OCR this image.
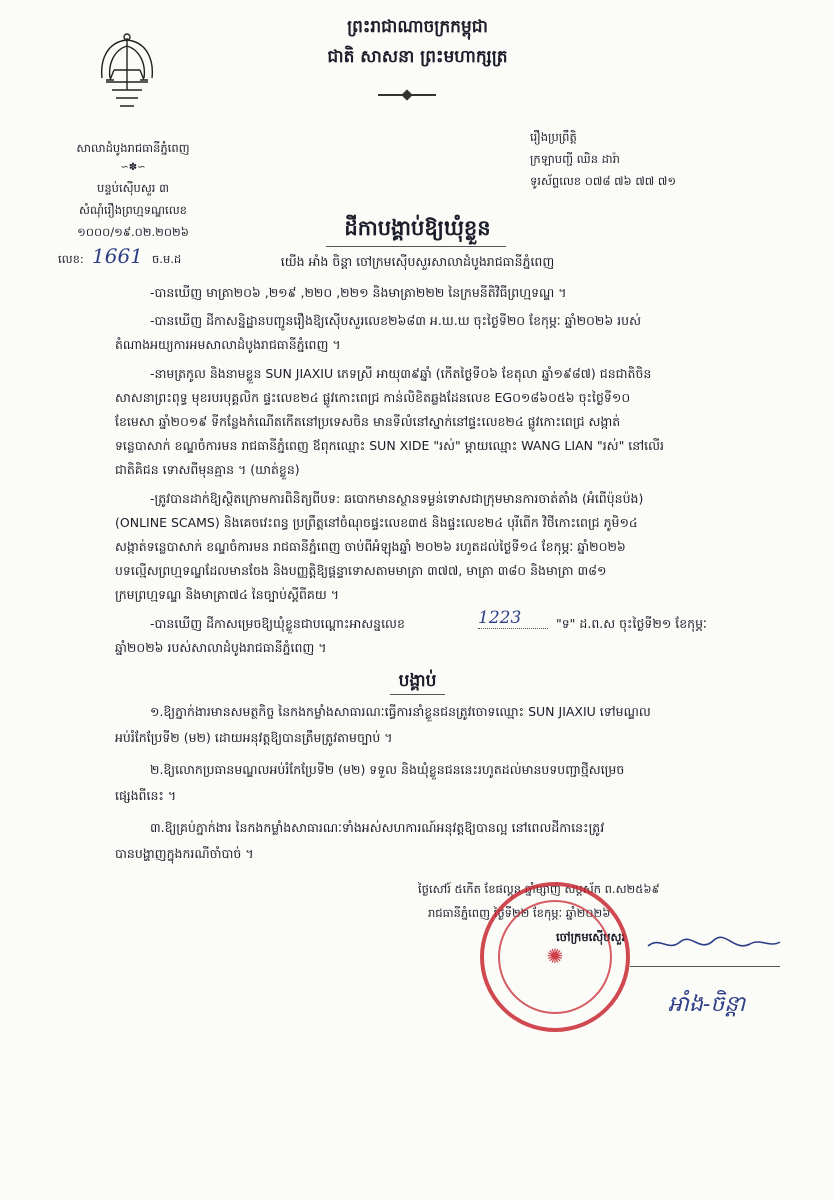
ព្រះរាជាណាចក្រកម្ពុជា
ជាតិ សាសនា ព្រះមហាក្សត្រ
សាលាដំបូងរាជធានីភ្នំពេញ
∽✽∽
បន្ទប់ស៊ើបសួរ ៣
សំណុំរឿងព្រហ្មទណ្ឌលេខ
១០០០/១៩.០២.២០២៦
លេខ: 1661 ច.ម.ដ
រឿងប្រព្រឹត្តិ
ក្រឡាបញ្ជី ឈិន ដារ៉ា
ទូរស័ព្ទលេខ ០៧៨ ៧៦ ៧៧ ៧១
ដីកាបង្គាប់ឱ្យឃុំខ្លួន
យើង អាំង ចិន្តា ចៅក្រមស៊ើបសួរសាលាដំបូងរាជធានីភ្នំពេញ
-បានឃើញ មាត្រា២០៦ ,២១៩ ,២២០ ,២២១ និងមាត្រា២២២ នៃក្រមនីតិវិធីព្រហ្មទណ្ឌ ។
-បានឃើញ ដីកាសន្និដ្ឋានបញ្ជូនរឿងឱ្យស៊ើបសួរលេខ២៦៨៣ អ.ឃ.ឃ ចុះថ្ងៃទី២០ ខែកុម្ភៈ ឆ្នាំ២០២៦ របស់
តំណាងអយ្យការអមសាលាដំបូងរាជធានីភ្នំពេញ ។
-នាមត្រកូល និងនាមខ្លួន SUN JIAXIU ភេទស្រី អាយុ៣៩ឆ្នាំ (កើតថ្ងៃទី០៦ ខែតុលា ឆ្នាំ១៩៨៧) ជនជាតិចិន
សាសនាព្រះពុទ្ធ មុខរបរបុគ្គលិក ផ្ទះលេខ២៤ ផ្លូវកោះពេជ្រ កាន់លិខិតឆ្លងដែនលេខ EG០១៨៦០៥៦ ចុះថ្ងៃទី១០
ខែមេសា ឆ្នាំ២០១៩ ទីកន្លែងកំណើតកើតនៅប្រទេសចិន មានទីលំនៅស្នាក់នៅផ្ទះលេខ២៤ ផ្លូវកោះពេជ្រ សង្កាត់
ទន្លេបាសាក់ ខណ្ឌចំការមន រាជធានីភ្នំពេញ ឪពុកឈ្មោះ SUN XIDE "រស់" ម្ដាយឈ្មោះ WANG LIAN "រស់" នៅលើរ
ជាតិគិជន ទោសពីមុនគ្មាន ។ (ឃាត់ខ្លួន)
-ត្រូវបានដាក់ឱ្យស្ថិតក្រោមការពិនិត្យពីបទ: ឆបោកមានស្ថានទម្ងន់ទោសជាក្រុមមានការចាត់តាំង (អំពើប៉ុនប៉ង)
(ONLINE SCAMS) និងគេចវេះពន្ធ ប្រព្រឹត្តនៅចំណុចផ្ទះលេខ៣៥ និងផ្ទះលេខ២៤ បុរីពើក វិថីកោះពេជ្រ ភូមិ១៤
សង្កាត់ទន្លេបាសាក់ ខណ្ឌចំការមន រាជធានីភ្នំពេញ ចាប់ពីអំឡុងឆ្នាំ ២០២៦ រហូតដល់ថ្ងៃទី១៤ ខែកុម្ភៈ ឆ្នាំ២០២៦
បទល្មើសព្រហ្មទណ្ឌដែលមានចែង និងបញ្ញត្តិឱ្យផ្តន្ទាទោសតាមមាត្រា ៣៧៧, មាត្រា ៣៨០ និងមាត្រា ៣៨១
ក្រមព្រហ្មទណ្ឌ និងមាត្រា៧៤ នៃច្បាប់ស្តីពីគយ ។
-បានឃើញ ដីកាសម្រេចឱ្យឃុំខ្លួនជាបណ្ដោះអាសន្នលេខ	1223	"ទ" ដ.ព.ស ចុះថ្ងៃទី២១ ខែកុម្ភៈ
ឆ្នាំ២០២៦ របស់សាលាដំបូងរាជធានីភ្នំពេញ ។
បង្គាប់
១.ឱ្យភ្នាក់ងារមានសមត្ថកិច្ច នៃកងកម្លាំងសាធារណៈធ្វើការនាំខ្លួនជនត្រូវចោទឈ្មោះ SUN JIAXIU ទៅមណ្ឌល
អប់រំកែប្រែទី២ (ម២) ដោយអនុវត្តឱ្យបានត្រឹមត្រូវតាមច្បាប់ ។
២.ឱ្យលោកប្រធានមណ្ឌលអប់រំកែប្រែទី២ (ម២) ទទួល និងឃុំខ្លួនជននេះរហូតដល់មានបទបញ្ជាថ្មីសម្រេច
ផ្សេងពីនេះ ។
៣.ឱ្យគ្រប់ភ្នាក់ងារ នៃកងកម្លាំងសាធារណៈទាំងអស់សហការណ៍អនុវត្តឱ្យបានល្អ នៅពេលដីកានេះត្រូវ
បានបង្ហាញក្នុងករណីចាំបាច់ ។
ថ្ងៃសៅរ៍ ៥កើត ខែផល្គុន ឆ្នាំម្សាញ់ សប្តស័ក ព.ស២៥៦៩
រាជធានីភ្នំពេញ ថ្ងៃទី២២ ខែកុម្ភៈ ឆ្នាំ២០២៦
ចៅក្រមស៊ើបសួរ
✺
អាំង-ចិន្តា
